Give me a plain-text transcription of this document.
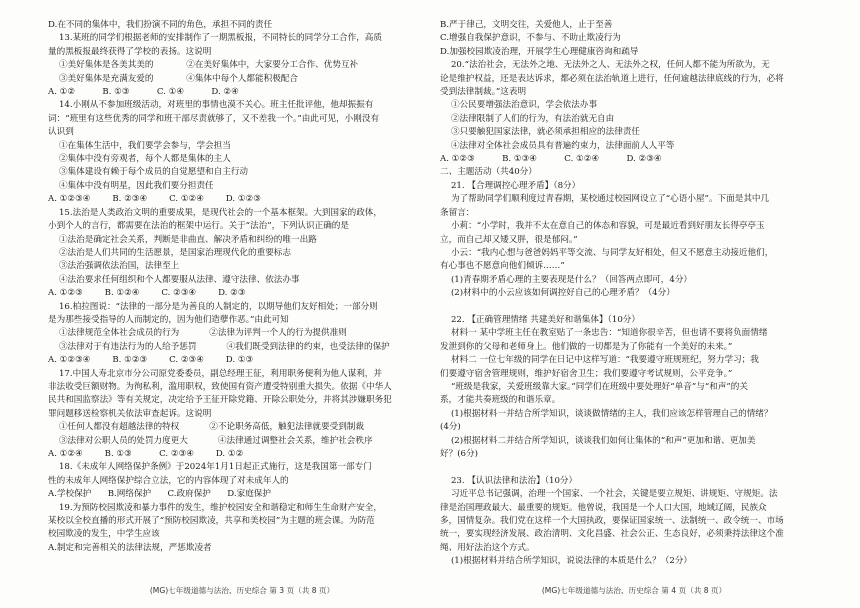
D.在不同的集体中，我们扮演不同的角色，承担不同的责任

13.某班的同学们根据老师的安排制作了一期黑板报，不同特长的同学分工合作，高质

量的黑板报最终获得了学校的表扬。这说明

①美好集体是各美其美的            ②在美好集体中，大家要分工合作、优势互补

③美好集体是充满友爱的            ④集体中每个人都能积极配合

A. ①②          B. ①③          C. ①④          D. ②④

14.小刚从不参加班级活动，对班里的事情也漠不关心。班主任批评他，他却振振有

词：“班里有这些优秀的同学和班干部尽责就够了，又不差我一个。”由此可见，小刚没有

认识到

①在集体生活中，我们要学会参与，学会担当

②集体中没有旁观者，每个人都是集体的主人

③集体建设有赖于每个成员的自觉愿望和自主行动

④集体中没有明星，因此我们要分担责任

A. ①②③④        B. ②③④        C. ①②④        D. ①②③

15.法治是人类政治文明的重要成果，是现代社会的一个基本框架。大到国家的政体，

小到个人的言行，都需要在法治的框架中运行。关于“法治”，下列认识正确的是

①法治是确定社会关系，判断是非曲直、解决矛盾和纠纷的唯一出路

②法治是人们共同的生活愿景，是国家治理现代化的重要标志

③法治强调依法治国，法律至上

④法治要求任何组织和个人都要服从法律、遵守法律、依法办事

A. ①②③        B. ①②④        C. ②③④        D. ②③

16.柏拉图说：“法律的一部分是为善良的人制定的，以期导他们友好相处；一部分则

是为那些接受指导的人而制定的，因为他们造孽作恶。”由此可知

①法律规范全体社会成员的行为           ②法律为评判一个人的行为提供准则

③法律对于有违法行为的人给予惩罚           ④我们既受到法律的约束，也受法律的保护

A. ①②③④        B. ①②③        C. ②③④        D. ①③

17.中国人寿北京市分公司原党委委员，副总经理王征，利用职务便利为他人谋利，并

非法收受巨额财物。为徇私利，滥用职权，致使国有资产遭受特别重大损失。依据《中华人

民共和国监察法》等有关规定，决定给予王征开除党籍、开除公职处分，并将其涉嫌职务犯

罪问题移送检察机关依法审查起诉。这说明

①任何人都没有超越法律的特权           ②不论职务高低，触犯法律就要受到制裁

③法律对公职人员的处罚力度更大           ④法律通过调整社会关系，维护社会秩序

A. ①②④        B. ①③          C. ②③④        D. ①②

18.《未成年人网络保护条例》于2024年1月1日起正式施行，这是我国第一部专门

性的未成年人网络保护综合立法，它的内容体现了对未成年人的

A.学校保护      B.网络保护      C.政府保护      D.家庭保护

19.为预防校园欺凌和暴力事件的发生，维护校园安全和谐稳定和师生生命财产安全，

某校以全校直播的形式开展了“预防校园欺凌，共享和美校园”为主题的班会课。为防范

校园欺凌的发生，中学生应该

A.制定和完善相关的法律法规，严惩欺凌者

B.严于律己，文明交往，关爱他人，止于至善

C.增强自我保护意识，不参与、不助止欺凌行为

D.加强校园欺凌治理，开展学生心理健康咨询和疏导

20.“法治社会，无法外之地、无法外之人、无法外之权，任何人都不能为所欲为，无

论是维护权益，还是表达诉求，都必须在法治轨道上进行，任何逾越法律底线的行为，必将

受到法律制裁。”这表明

①公民要增强法治意识，学会依法办事

②法律限制了人们的行为，有法治就无自由

③只要触犯国家法律，就必须承担相应的法律责任

④法律对全体社会成员具有普遍约束力，法律面前人人平等

A. ①②③          B. ①③④          C. ①②④          D. ②③④

二、主题活动（共40分）

21. 【合理调控心理矛盾】（8分）

为了帮助同学们顺利度过青春期，某校通过校园网设立了“心语小屋”。下面是其中几

条留言：

小莉：“小学时，我并不太在意自己的体态和容貌，可是最近看到好朋友长得亭亭玉

立，而自己却又矮又胖，很是郁闷。”

小云：“我内心想与爸爸妈妈平等交流、与同学友好相处，但又不愿意主动接近他们，

有心事也不愿意向他们倾诉……”

(1)青春期矛盾心理的主要表现是什么？（回答两点即可，4分）

(2)材料中的小云应该如何调控好自己的心理矛盾？（4分）

22. 【正确管理情绪 共建美好和谐集体】（10分）

材料一 某中学班主任在教室贴了一条忠告：“知道你很辛苦，但也请不要将负面情绪

发泄到你的父母和老师身上。他们做的一切都是为了你能有一个美好的未来。”

材料二 一位七年级的同学在日记中这样写道：“我要遵守班规班纪，努力学习；我

们要遵守宿舍管理规则，维护好宿舍卫生；我们要遵守考试规则，公平竞争。”

“班级是我家，关爱班级靠大家。”同学们在班级中要处理好“单音”与“和声”的关

系，才能共奏班级的和谐乐章。

(1)根据材料一并结合所学知识，谈谈做情绪的主人，我们应该怎样管理自己的情绪？

(4分)

(2)根据材料二并结合所学知识，谈谈我们如何让集体的“和声”更加和谐、更加美

好？(6分)

23. 【认识法律和法治】（10分）

习近平总书记强调，治理一个国家、一个社会，关键是要立规矩、讲规矩、守规矩。法

律是治国理政最大、最重要的规矩。他曾说，我国是一个人口大国，地域辽阔，民族众

多，国情复杂。我们党在这样一个大国执政，要保证国家统一、法制统一、政令统一、市场

统一，要实现经济发展、政治清明、文化昌盛、社会公正、生态良好，必须秉持法律这个准

绳、用好法治这个方式。

(1)根据材料并结合所学知识，说说法律的本质是什么？（2分）

(MG)七年级道德与法治、历史综合 第 3 页（共 8 页）	(MG)七年级道德与法治、历史综合 第 4 页（共 8 页）
